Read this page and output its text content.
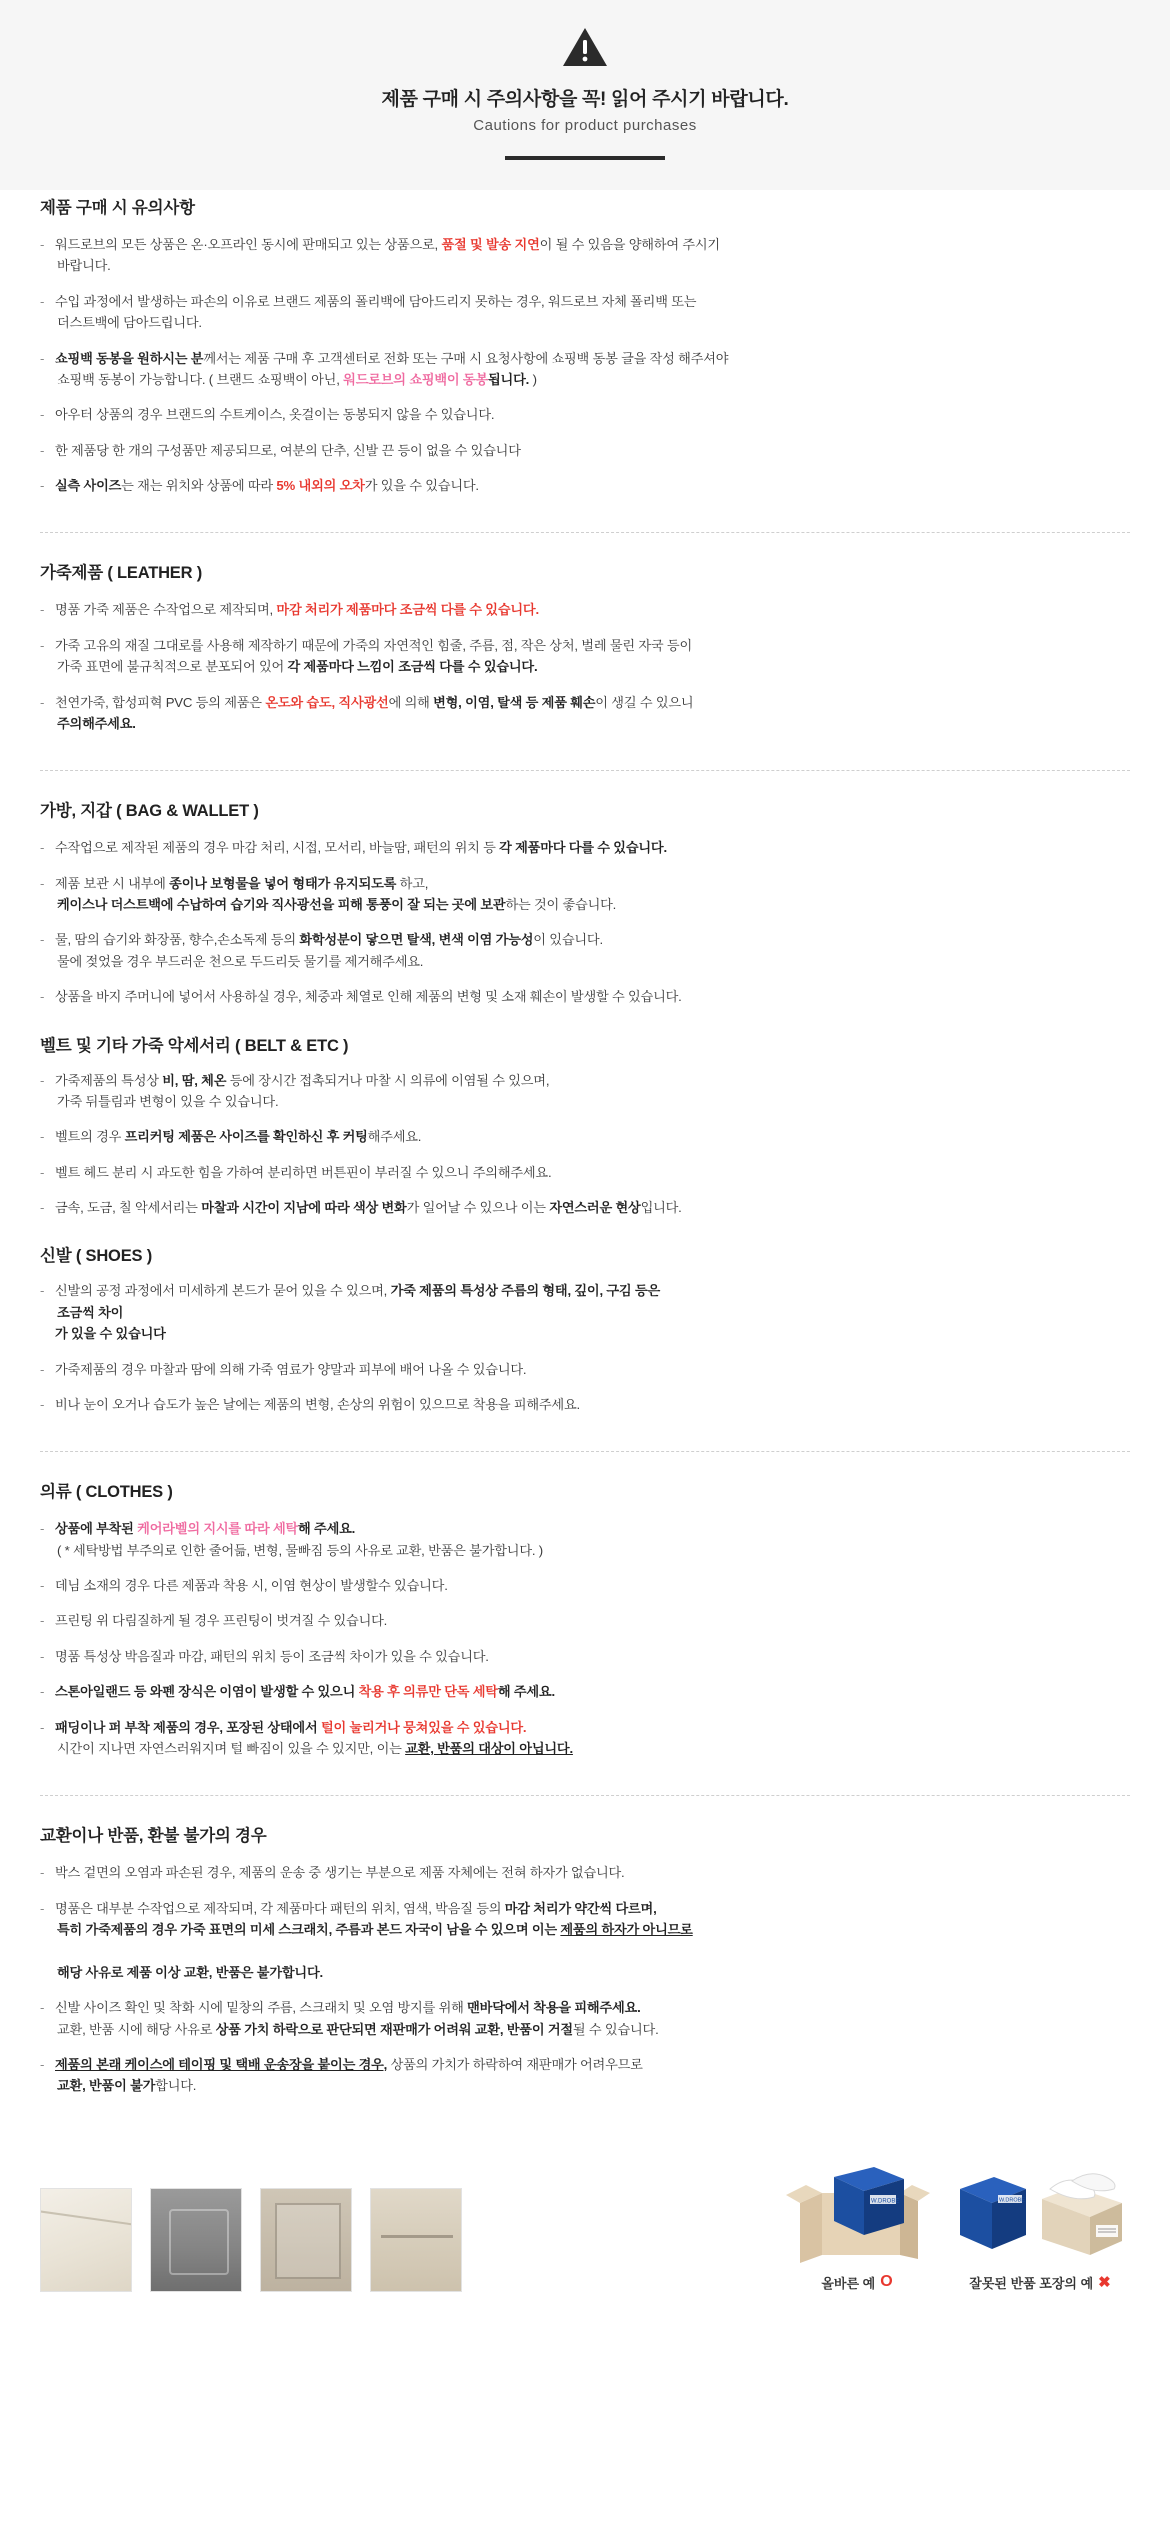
제품 구매 시 주의사항을 꼭! 읽어 주시기 바랍니다.
Cautions for product purchases
제품 구매 시 유의사항
- 워드로브의 모든 상품은 온·오프라인 동시에 판매되고 있는 상품으로, 품절 및 발송 지연이 될 수 있음을 양해하여 주시기

바랍니다.
- 수입 과정에서 발생하는 파손의 이유로 브랜드 제품의 폴리백에 담아드리지 못하는 경우, 워드로브 자체 폴리백 또는

더스트백에 담아드립니다.
- 쇼핑백 동봉을 원하시는 분께서는 제품 구매 후 고객센터로 전화 또는 구매 시 요청사항에 쇼핑백 동봉 글을 작성 해주셔야

쇼핑백 동봉이 가능합니다. ( 브랜드 쇼핑백이 아닌, 워드로브의 쇼핑백이 동봉됩니다. )
- 아우터 상품의 경우 브랜드의 수트케이스, 옷걸이는 동봉되지 않을 수 있습니다.
- 한 제품당 한 개의 구성품만 제공되므로, 여분의 단추, 신발 끈 등이 없을 수 있습니다
- 실측 사이즈는 재는 위치와 상품에 따라 5% 내외의 오차가 있을 수 있습니다.
가죽제품 ( LEATHER )
- 명품 가죽 제품은 수작업으로 제작되며, 마감 처리가 제품마다 조금씩 다를 수 있습니다.
- 가죽 고유의 재질 그대로를 사용해 제작하기 때문에 가죽의 자연적인 힘줄, 주름, 점, 작은 상처, 벌레 물린 자국 등이

가죽 표면에 불규칙적으로 분포되어 있어 각 제품마다 느낌이 조금씩 다를 수 있습니다.
- 천연가죽, 합성피혁 PVC 등의 제품은 온도와 습도, 직사광선에 의해 변형, 이염, 탈색 등 제품 훼손이 생길 수 있으니

주의해주세요.
가방, 지갑 ( BAG & WALLET )
- 수작업으로 제작된 제품의 경우 마감 처리, 시접, 모서리, 바늘땀, 패턴의 위치 등 각 제품마다 다를 수 있습니다.
- 제품 보관 시 내부에 종이나 보형물을 넣어 형태가 유지되도록 하고,

케이스나 더스트백에 수납하여 습기와 직사광선을 피해 통풍이 잘 되는 곳에 보관하는 것이 좋습니다.
- 물, 땀의 습기와 화장품, 향수,손소독제 등의 화학성분이 닿으면 탈색, 변색 이염 가능성이 있습니다.

물에 젖었을 경우 부드러운 천으로 두드리듯 물기를 제거해주세요.
- 상품을 바지 주머니에 넣어서 사용하실 경우, 체중과 체열로 인해 제품의 변형 및 소재 훼손이 발생할 수 있습니다.
벨트 및 기타 가죽 악세서리 ( BELT & ETC )
- 가죽제품의 특성상 비, 땀, 체온 등에 장시간 접촉되거나 마찰 시 의류에 이염될 수 있으며,

가죽 뒤틀림과 변형이 있을 수 있습니다.
- 벨트의 경우 프리커팅 제품은 사이즈를 확인하신 후 커팅해주세요.
- 벨트 헤드 분리 시 과도한 힘을 가하여 분리하면 버튼핀이 부러질 수 있으니 주의해주세요.
- 금속, 도금, 칠 악세서리는 마찰과 시간이 지남에 따라 색상 변화가 일어날 수 있으나 이는 자연스러운 현상입니다.
신발 ( SHOES )
- 신발의 공정 과정에서 미세하게 본드가 묻어 있을 수 있으며, 가죽 제품의 특성상 주름의 형태, 깊이, 구김 등은

조금씩 차이
가 있을 수 있습니다
- 가죽제품의 경우 마찰과 땀에 의해 가죽 염료가 양말과 피부에 배어 나올 수 있습니다.
- 비나 눈이 오거나 습도가 높은 날에는 제품의 변형, 손상의 위험이 있으므로 착용을 피해주세요.
의류 ( CLOTHES )
- 상품에 부착된 케어라벨의 지시를 따라 세탁해 주세요.

( * 세탁방법 부주의로 인한 줄어듦, 변형, 물빠짐 등의 사유로 교환, 반품은 불가합니다. )
- 데님 소재의 경우 다른 제품과 착용 시, 이염 현상이 발생할수 있습니다.
- 프린팅 위 다림질하게 될 경우 프린팅이 벗겨질 수 있습니다.
- 명품 특성상 박음질과 마감, 패턴의 위치 등이 조금씩 차이가 있을 수 있습니다.
- 스톤아일랜드 등 와펜 장식은 이염이 발생할 수 있으니 착용 후 의류만 단독 세탁해 주세요.
- 패딩이나 퍼 부착 제품의 경우, 포장된 상태에서 털이 눌리거나 뭉쳐있을 수 있습니다.

시간이 지나면 자연스러워지며 털 빠짐이 있을 수 있지만, 이는 교환, 반품의 대상이 아닙니다.
교환이나 반품, 환불 불가의 경우
- 박스 겉면의 오염과 파손된 경우, 제품의 운송 중 생기는 부분으로 제품 자체에는 전혀 하자가 없습니다.
- 명품은 대부분 수작업으로 제작되며, 각 제품마다 패턴의 위치, 염색, 박음질 등의 마감 처리가 약간씩 다르며,

특히 가죽제품의 경우 가죽 표면의 미세 스크래치, 주름과 본드 자국이 남을 수 있으며 이는 제품의 하자가 아니므로

해당 사유로 제품 이상 교환, 반품은 불가합니다.
- 신발 사이즈 확인 및 착화 시에 밑창의 주름, 스크래치 및 오염 방지를 위해 맨바닥에서 착용을 피해주세요.

교환, 반품 시에 해당 사유로 상품 가치 하락으로 판단되면 재판매가 어려워 교환, 반품이 거절될 수 있습니다.
- 제품의 본래 케이스에 테이핑 및 택배 운송장을 붙이는 경우, 상품의 가치가 하락하여 재판매가 어려우므로

교환, 반품이 불가합니다.
W.DROBE
올바른 예 O
W.DROBE
잘못된 반품 포장의 예 ✖
